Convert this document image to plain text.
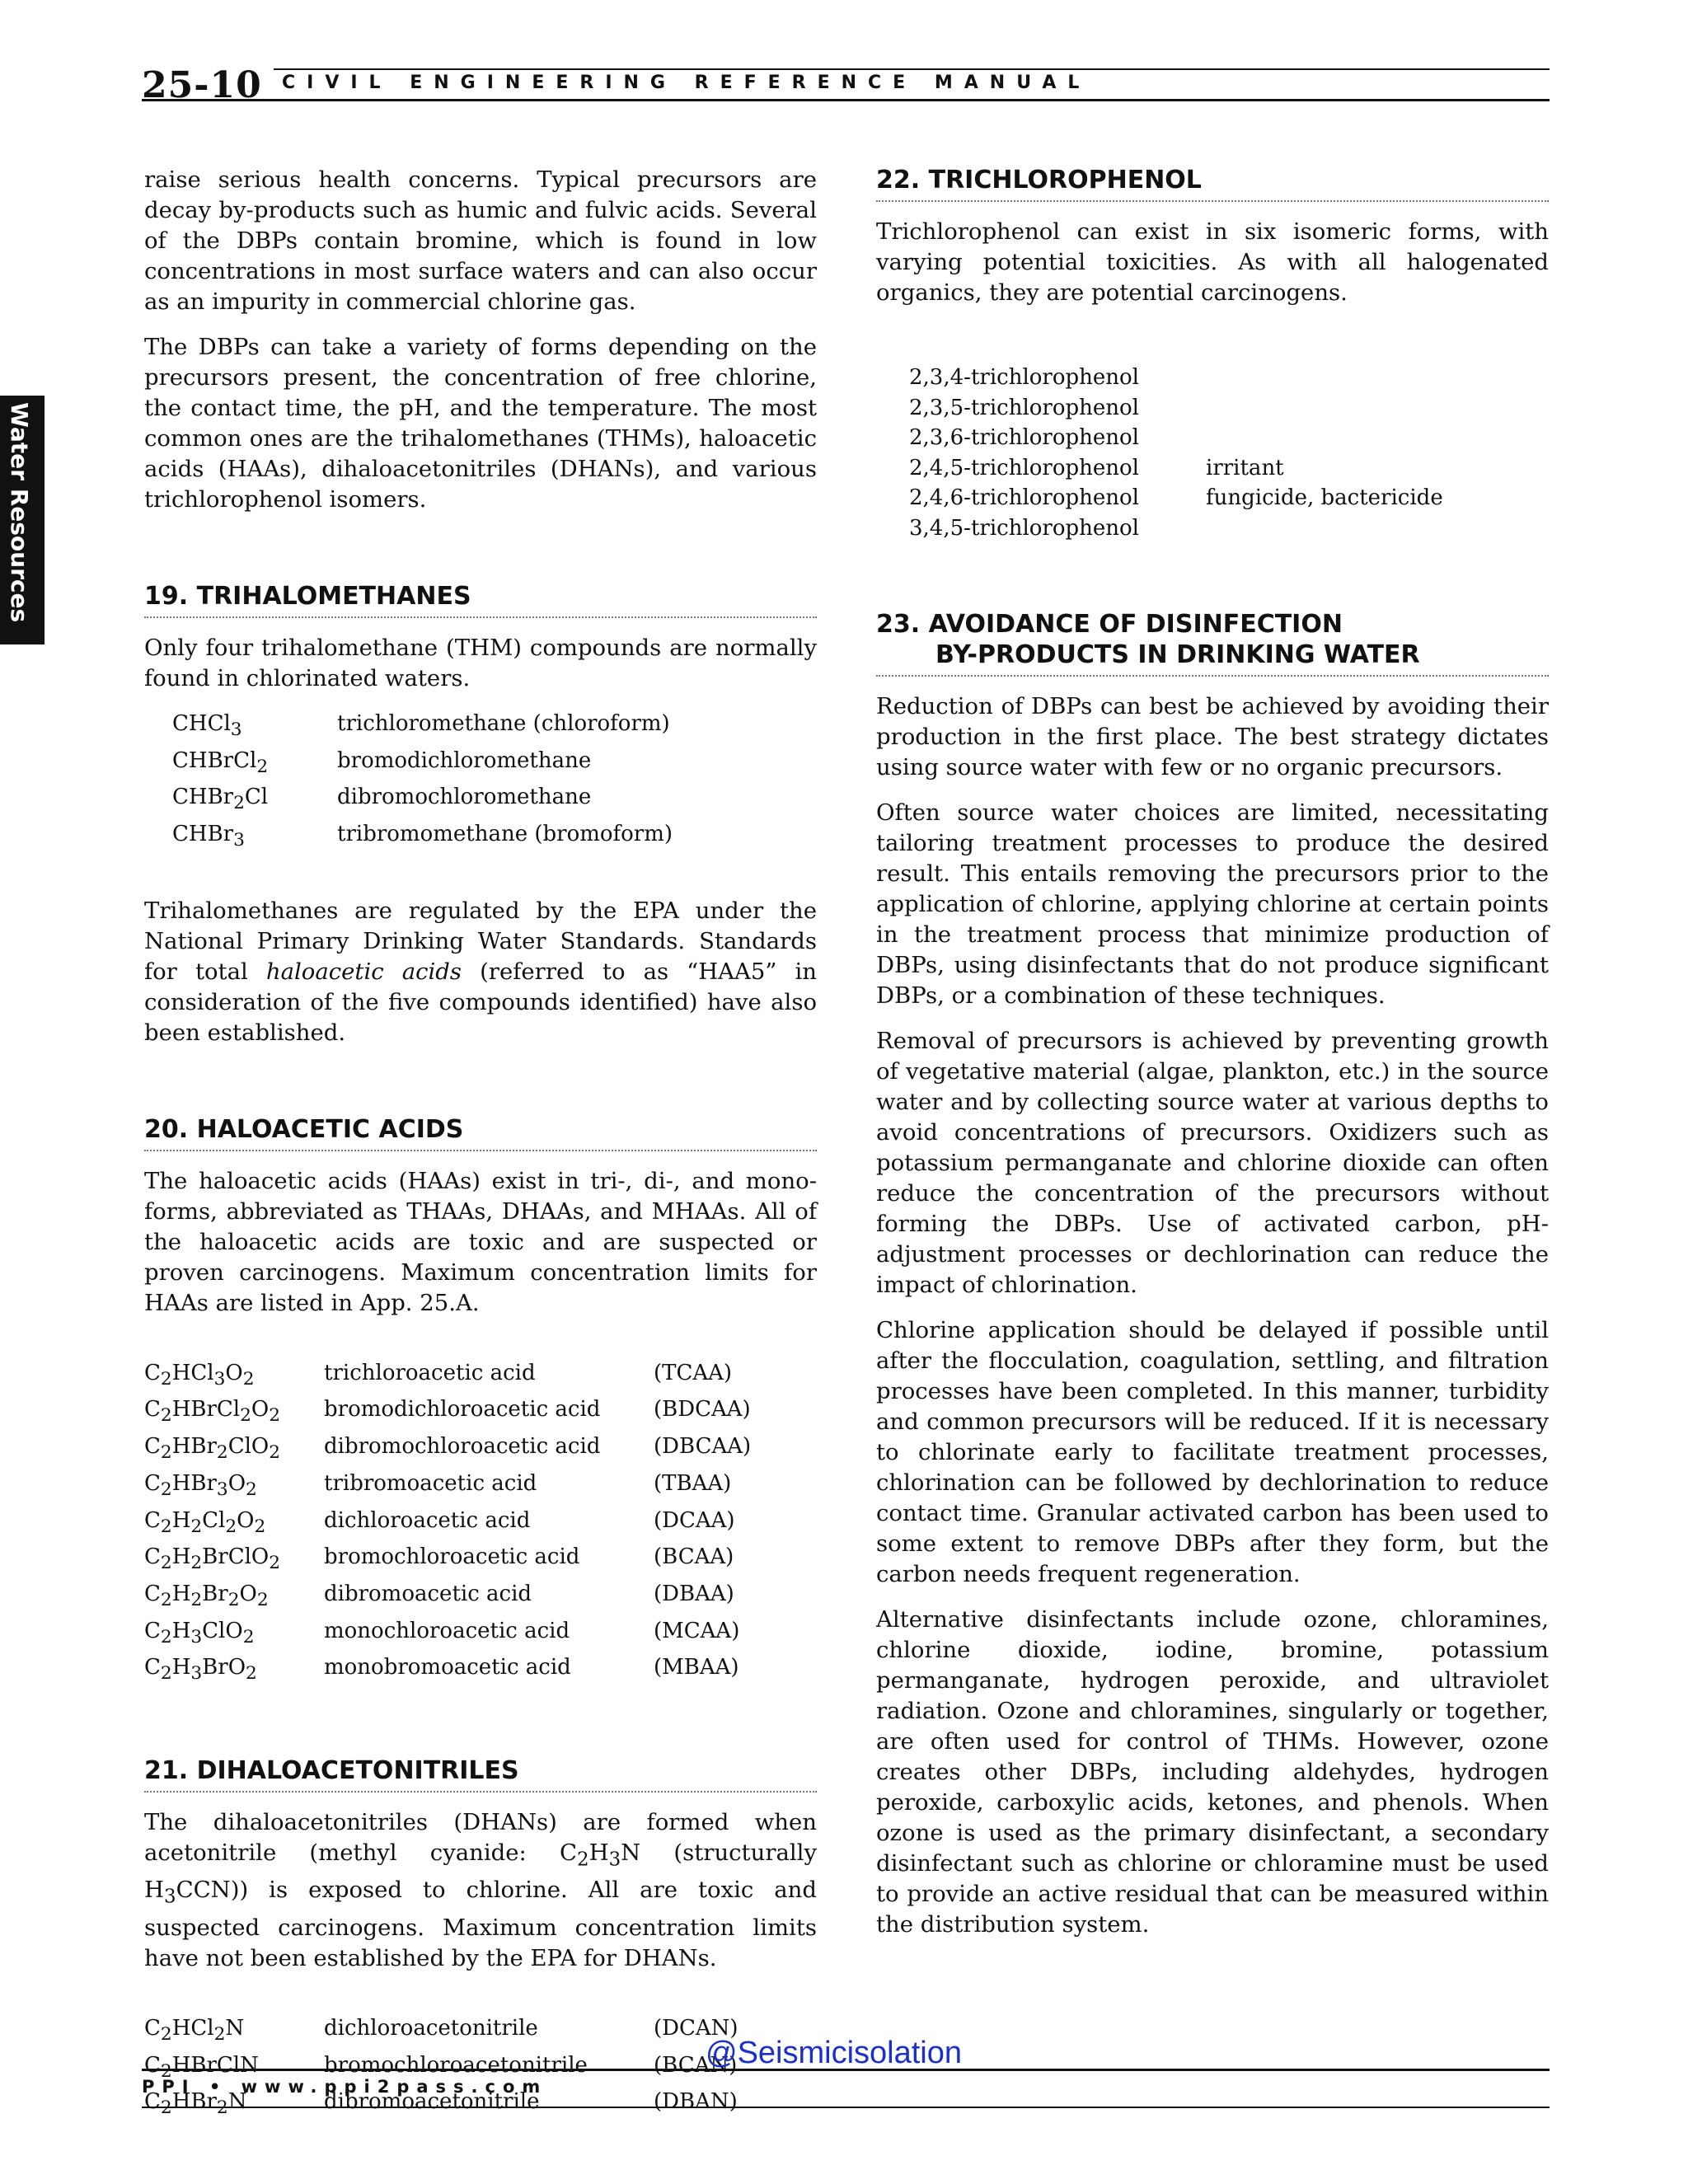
25-10 CIVIL ENGINEERING REFERENCE MANUAL
Water Resources

raise serious health concerns. Typical precursors are decay by-products such as humic and fulvic acids. Several of the DBPs contain bromine, which is found in low concentrations in most surface waters and can also occur as an impurity in commercial chlorine gas.

The DBPs can take a variety of forms depending on the precursors present, the concentration of free chlorine, the contact time, the pH, and the temperature. The most common ones are the trihalomethanes (THMs), haloacetic acids (HAAs), dihaloacetonitriles (DHANs), and various trichlorophenol isomers.

19. TRIHALOMETHANES

Only four trihalomethane (THM) compounds are normally found in chlorinated waters.

CHCl$_3$	trichloromethane (chloroform)
CHBrCl$_2$	bromodichloromethane
CHBr$_2$Cl	dibromochloromethane
CHBr$_3$	tribromomethane (bromoform)

Trihalomethanes are regulated by the EPA under the National Primary Drinking Water Standards. Standards for total haloacetic acids (referred to as “HAA5” in consideration of the five compounds identified) have also been established.

20. HALOACETIC ACIDS

The haloacetic acids (HAAs) exist in tri-, di-, and mono-forms, abbreviated as THAAs, DHAAs, and MHAAs. All of the haloacetic acids are toxic and are suspected or proven carcinogens. Maximum concentration limits for HAAs are listed in App. 25.A.

$C_2HCl_3O_2$	trichloroacetic acid	(TCAA)
$C_2HBrCl_2O_2$	bromodichloroacetic acid	(BDCAA)
$C_2HBr_2ClO_2$	dibromochloroacetic acid	(DBCAA)
$C_2HBr_3O_2$	tribromoacetic acid	(TBAA)
$C_2H_2Cl_2O_2$	dichloroacetic acid	(DCAA)
$C_2H_2BrClO_2$	bromochloroacetic acid	(BCAA)
$C_2H_2Br_2O_2$	dibromoacetic acid	(DBAA)
$C_2H_3ClO_2$	monochloroacetic acid	(MCAA)
$C_2H_3BrO_2$	monobromoacetic acid	(MBAA)
21. DIHALOACETONITRILES

The dihaloacetonitriles (DHANs) are formed when acetonitrile (methyl cyanide: $C_2H_3N$ (structurally $H_3CCN$)) is exposed to chlorine. All are toxic and suspected carcinogens. Maximum concentration limits have not been established by the EPA for DHANs.

$C_2HCl_2N$	dichloroacetonitrile	(DCAN)
$C_2HBrClN$	bromochloroacetonitrile	(BCAN)
$C_2HBr_2N$	dibromoacetonitrile	(DBAN)
22. TRICHLOROPHENOL

Trichlorophenol can exist in six isomeric forms, with varying potential toxicities. As with all halogenated organics, they are potential carcinogens.

2,3,4-trichlorophenol	
2,3,5-trichlorophenol	
2,3,6-trichlorophenol	
2,4,5-trichlorophenol	irritant
2,4,6-trichlorophenol	fungicide, bactericide
3,4,5-trichlorophenol	
23. AVOIDANCE OF DISINFECTION
BY-PRODUCTS IN DRINKING WATER

Reduction of DBPs can best be achieved by avoiding their production in the first place. The best strategy dictates using source water with few or no organic precursors.

Often source water choices are limited, necessitating tailoring treatment processes to produce the desired result. This entails removing the precursors prior to the application of chlorine, applying chlorine at certain points in the treatment process that minimize production of DBPs, using disinfectants that do not produce significant DBPs, or a combination of these techniques.

Removal of precursors is achieved by preventing growth of vegetative material (algae, plankton, etc.) in the source water and by collecting source water at various depths to avoid concentrations of precursors. Oxidizers such as potassium permanganate and chlorine dioxide can often reduce the concentration of the precursors without forming the DBPs. Use of activated carbon, pH-adjustment processes or dechlorination can reduce the impact of chlorination.

Chlorine application should be delayed if possible until after the flocculation, coagulation, settling, and filtration processes have been completed. In this manner, turbidity and common precursors will be reduced. If it is necessary to chlorinate early to facilitate treatment processes, chlorination can be followed by dechlorination to reduce contact time. Granular activated carbon has been used to some extent to remove DBPs after they form, but the carbon needs frequent regeneration.

Alternative disinfectants include ozone, chloramines, chlorine dioxide, iodine, bromine, potassium permanganate, hydrogen peroxide, and ultraviolet radiation. Ozone and chloramines, singularly or together, are often used for control of THMs. However, ozone creates other DBPs, including aldehydes, hydrogen peroxide, carboxylic acids, ketones, and phenols. When ozone is used as the primary disinfectant, a secondary disinfectant such as chlorine or chloramine must be used to provide an active residual that can be measured within the distribution system.

@Seismicisolation
PPI • www.ppi2pass.com
